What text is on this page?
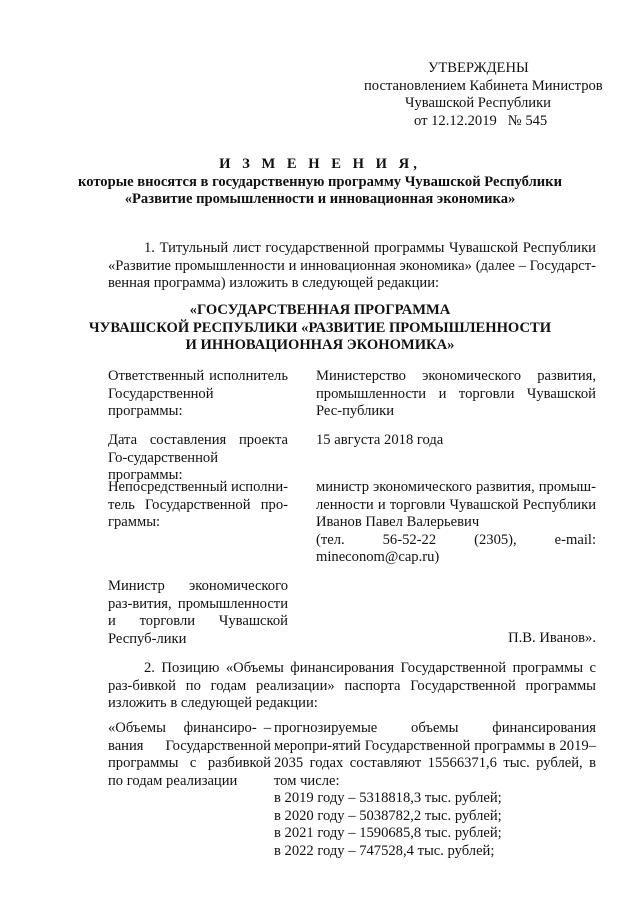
УТВЕРЖДЕНЫ
постановлением Кабинета Министров
Чувашской Республики
от 12.12.2019   № 545
И З М Е Н Е Н И Я,
которые вносятся в государственную программу Чувашской Республики
«Развитие промышленности и инновационная экономика»
1. Титульный лист государственной программы Чувашской Республики «Развитие промышленности и инновационная экономика» (далее – Государст-венная программа) изложить в следующей редакции:
«ГОСУДАРСТВЕННАЯ ПРОГРАММА
ЧУВАШСКОЙ РЕСПУБЛИКИ «РАЗВИТИЕ ПРОМЫШЛЕННОСТИ
И ИННОВАЦИОННАЯ ЭКОНОМИКА»
Ответственный исполнитель Государственной программы:
Министерство экономического развития, промышленности и торговли Чувашской Рес-публики
Дата составления проекта Го-сударственной программы:
15 августа 2018 года
Непосредственный исполни-тель Государственной про-граммы:
министр экономического развития, промыш-ленности и торговли Чувашской Республики Иванов Павел Валерьевич
(тел. 56-52-22 (2305), e-mail: mineconom@cap.ru)
Министр экономического раз-вития, промышленности и торговли Чувашской Респуб-лики	П.В. Иванов».
2. Позицию «Объемы финансирования Государственной программы с раз-бивкой по годам реализации» паспорта Государственной программы изложить в следующей редакции:
«Объемы финансиро- –
вания Государственной программы с разбивкой по годам реализации
прогнозируемые объемы финансирования меропри-ятий Государственной программы в 2019–2035 годах составляют 15566371,6 тыс. рублей, в том числе:
в 2019 году – 5318818,3 тыс. рублей;
в 2020 году – 5038782,2 тыс. рублей;
в 2021 году – 1590685,8 тыс. рублей;
в 2022 году – 747528,4 тыс. рублей;
